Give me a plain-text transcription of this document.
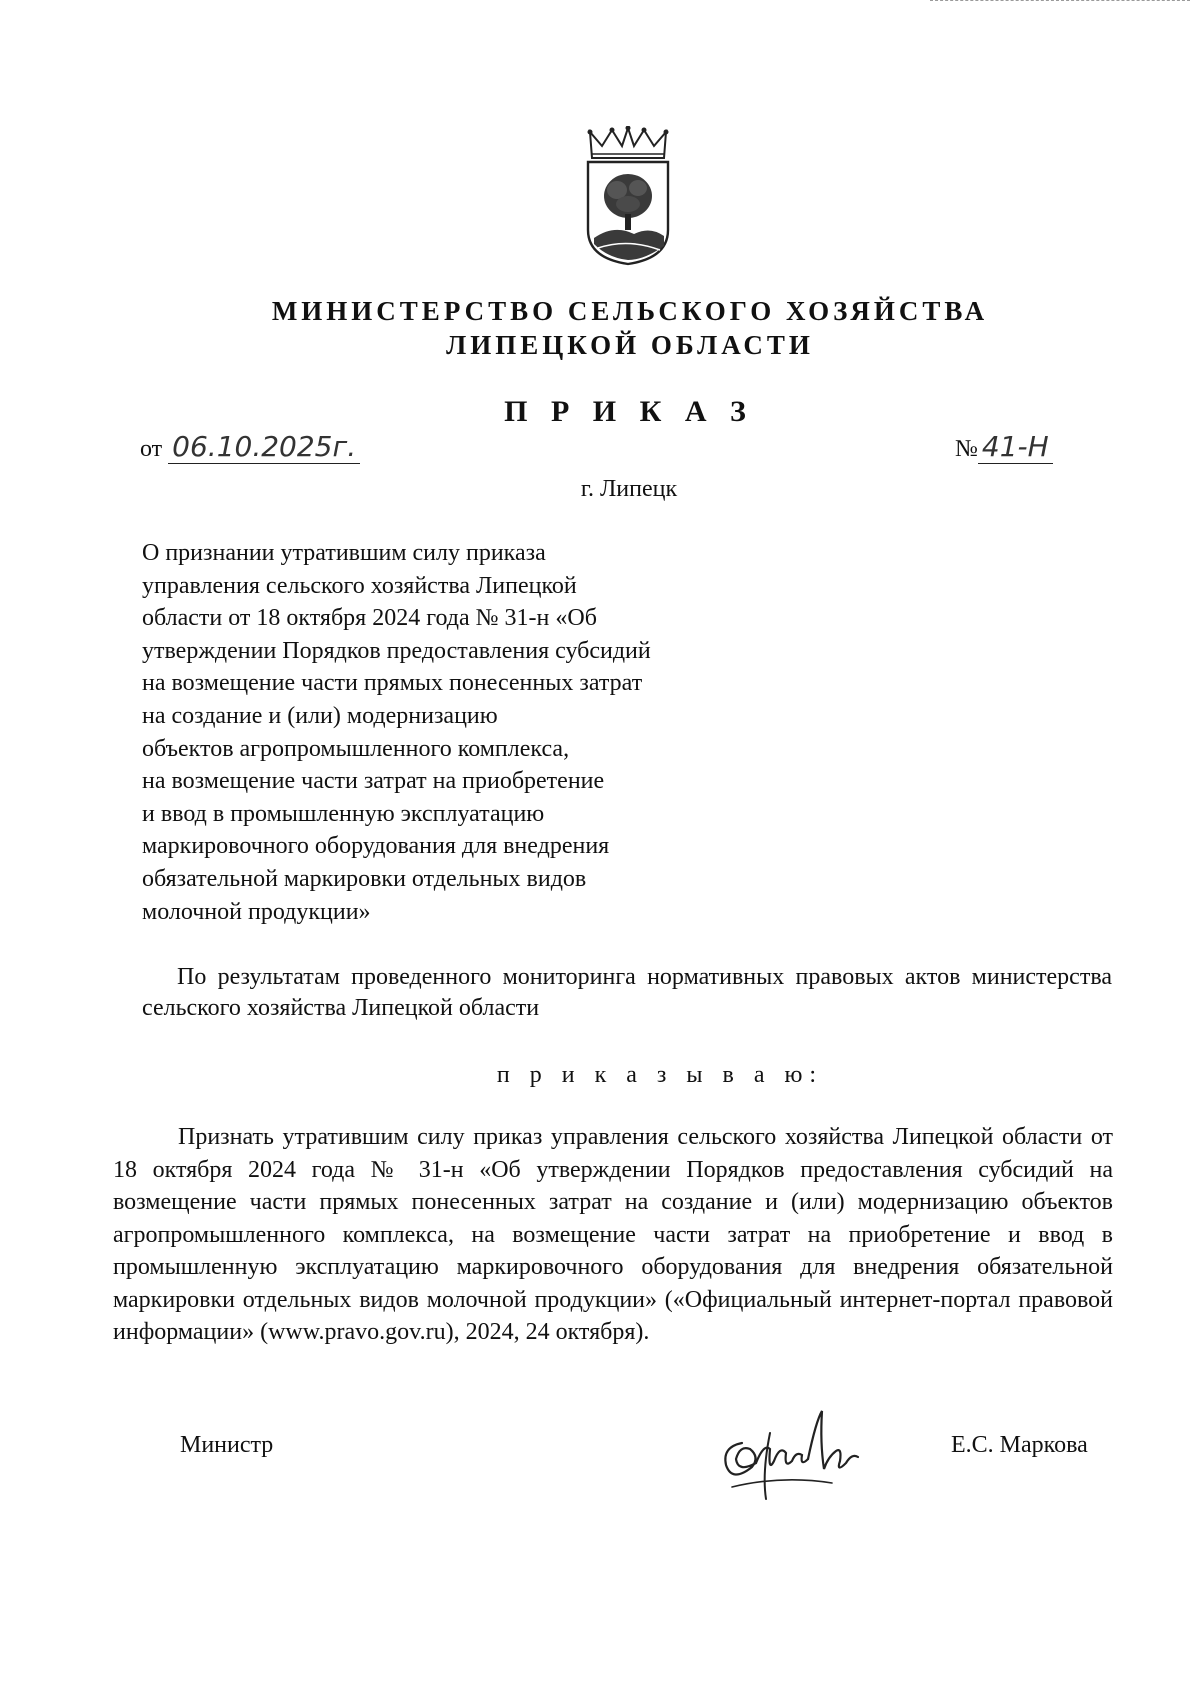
МИНИСТЕРСТВО СЕЛЬСКОГО ХОЗЯЙСТВА
ЛИПЕЦКОЙ ОБЛАСТИ
П Р И К А З
от 06.10.2025г.	№ 41-Н
г. Липецк
О признании утратившим силу приказа
управления сельского хозяйства Липецкой
области от 18 октября 2024 года № 31-н «Об
утверждении Порядков предоставления субсидий
на возмещение части прямых понесенных затрат
на создание и (или) модернизацию
объектов агропромышленного комплекса,
на возмещение части затрат на приобретение
и ввод в промышленную эксплуатацию
маркировочного оборудования для внедрения
обязательной маркировки отдельных видов
молочной продукции»

По результатам проведенного мониторинга нормативных правовых актов министерства сельского хозяйства Липецкой области

п р и к а з ы в а ю:

Признать утратившим силу приказ управления сельского хозяйства Липецкой области от 18 октября 2024 года № 31-н «Об утверждении Порядков предоставления субсидий на возмещение части прямых понесенных затрат на создание и (или) модернизацию объектов агропромышленного комплекса, на возмещение части затрат на приобретение и ввод в промышленную эксплуатацию маркировочного оборудования для внедрения обязательной маркировки отдельных видов молочной продукции» («Официальный интернет-портал правовой информации» (www.pravo.gov.ru), 2024, 24 октября).

Министр	Е.С. Маркова
